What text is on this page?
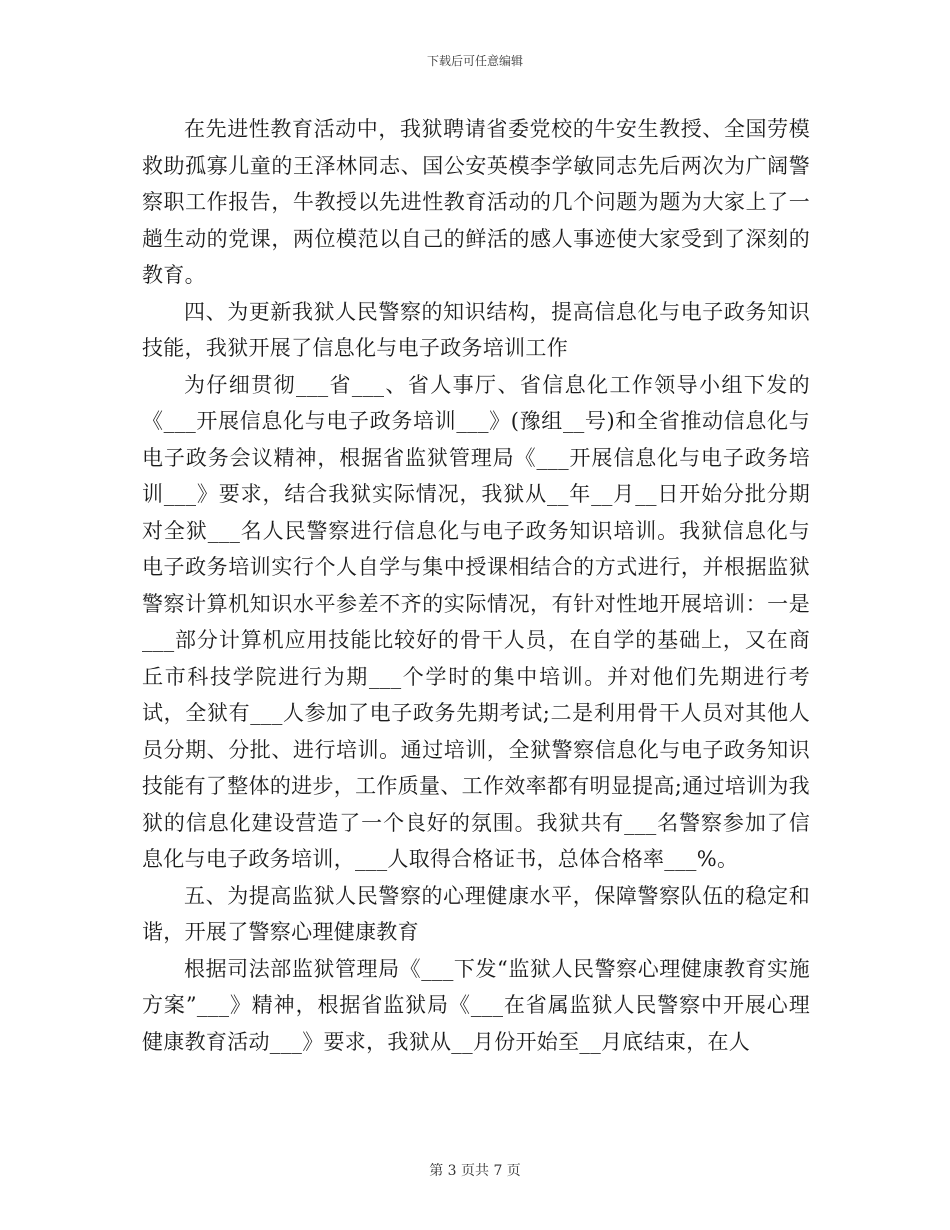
下载后可任意编辑

在先进性教育活动中，我狱聘请省委党校的牛安生教授、全国劳模救助孤寡儿童的王泽林同志、国公安英模李学敏同志先后两次为广阔警察职工作报告，牛教授以先进性教育活动的几个问题为题为大家上了一趟生动的党课，两位模范以自己的鲜活的感人事迹使大家受到了深刻的教育。

四、为更新我狱人民警察的知识结构，提高信息化与电子政务知识技能，我狱开展了信息化与电子政务培训工作

为仔细贯彻___省___、省人事厅、省信息化工作领导小组下发的《___开展信息化与电子政务培训___》(豫组__号)和全省推动信息化与电子政务会议精神，根据省监狱管理局《___开展信息化与电子政务培训___》要求，结合我狱实际情况，我狱从__年__月__日开始分批分期对全狱___名人民警察进行信息化与电子政务知识培训。我狱信息化与电子政务培训实行个人自学与集中授课相结合的方式进行，并根据监狱警察计算机知识水平参差不齐的实际情况，有针对性地开展培训：一是___部分计算机应用技能比较好的骨干人员，在自学的基础上，又在商丘市科技学院进行为期___个学时的集中培训。并对他们先期进行考试，全狱有___人参加了电子政务先期考试;二是利用骨干人员对其他人员分期、分批、进行培训。通过培训，全狱警察信息化与电子政务知识技能有了整体的进步，工作质量、工作效率都有明显提高;通过培训为我狱的信息化建设营造了一个良好的氛围。我狱共有___名警察参加了信息化与电子政务培训，___人取得合格证书，总体合格率___%。

五、为提高监狱人民警察的心理健康水平，保障警察队伍的稳定和谐，开展了警察心理健康教育

根据司法部监狱管理局《___下发“监狱人民警察心理健康教育实施方案”___》精神，根据省监狱局《___在省属监狱人民警察中开展心理健康教育活动___》要求，我狱从__月份开始至__月底结束，在人

第 3 页共 7 页
